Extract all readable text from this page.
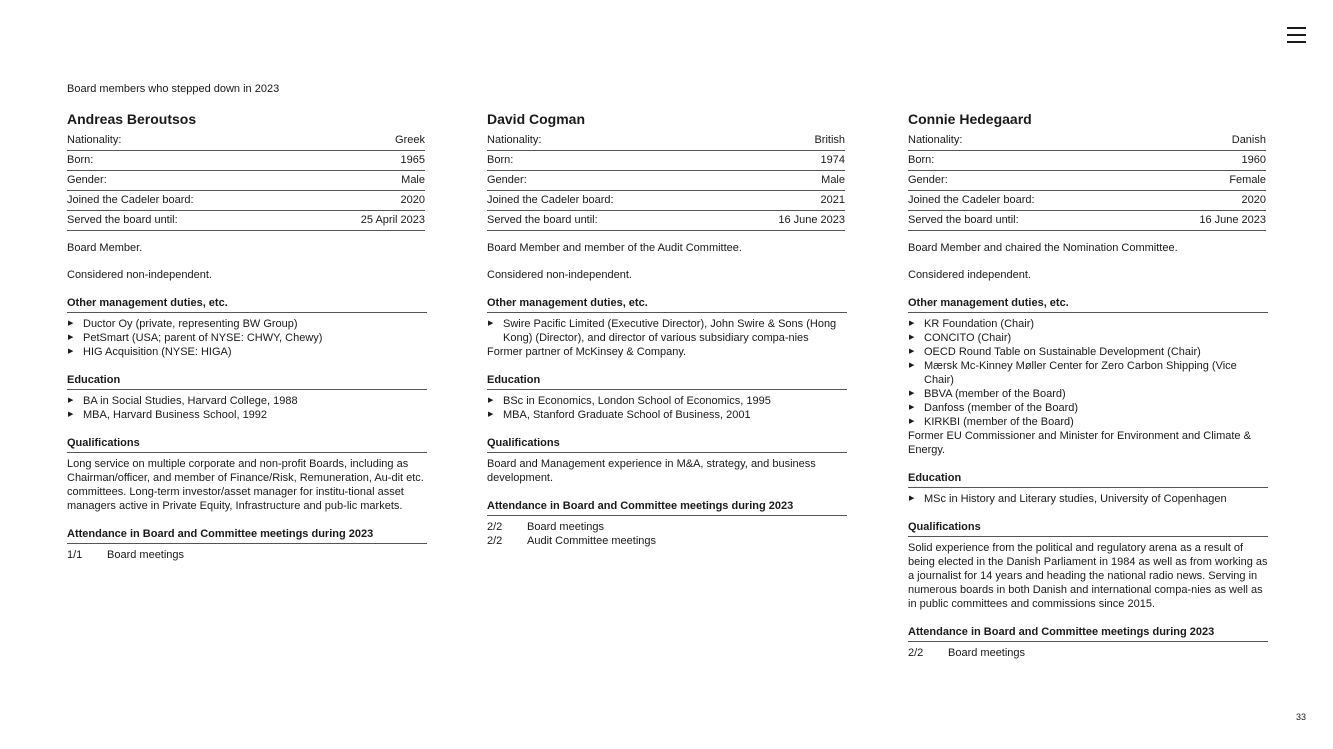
Board members who stepped down in 2023
Andreas Beroutsos
Nationality:	Greek
Born:	1965
Gender:	Male
Joined the Cadeler board:	2020
Served the board until:	25 April 2023

Board Member.

Considered non-independent.

Other management duties, etc.
▶ Ductor Oy (private, representing BW Group)
▶ PetSmart (USA; parent of NYSE: CHWY, Chewy)
▶ HIG Acquisition (NYSE: HIGA)
Education
▶ BA in Social Studies, Harvard College, 1988
▶ MBA, Harvard Business School, 1992
Qualifications
Long service on multiple corporate and non-profit Boards, including as Chairman/officer, and member of Finance/Risk, Remuneration, Au-dit etc. committees. Long-term investor/asset manager for institu-tional asset managers active in Private Equity, Infrastructure and pub-lic markets.
Attendance in Board and Committee meetings during 2023
1/1	Board meetings
David Cogman
Nationality:	British
Born:	1974
Gender:	Male
Joined the Cadeler board:	2021
Served the board until:	16 June 2023

Board Member and member of the Audit Committee.

Considered non-independent.

Other management duties, etc.
▶ Swire Pacific Limited (Executive Director), John Swire & Sons (Hong Kong) (Director), and director of various subsidiary compa-nies

Former partner of McKinsey & Company.

Education
▶ BSc in Economics, London School of Economics, 1995
▶ MBA, Stanford Graduate School of Business, 2001
Qualifications
Board and Management experience in M&A, strategy, and business development.
Attendance in Board and Committee meetings during 2023
2/2	Board meetings
2/2	Audit Committee meetings
Connie Hedegaard
Nationality:	Danish
Born:	1960
Gender:	Female
Joined the Cadeler board:	2020
Served the board until:	16 June 2023

Board Member and chaired the Nomination Committee.

Considered independent.

Other management duties, etc.
▶ KR Foundation (Chair)
▶ CONCITO (Chair)
▶ OECD Round Table on Sustainable Development (Chair)
▶ Mærsk Mc-Kinney Møller Center for Zero Carbon Shipping (Vice Chair)
▶ BBVA (member of the Board)
▶ Danfoss (member of the Board)
▶ KIRKBI (member of the Board)

Former EU Commissioner and Minister for Environment and Climate & Energy.

Education
▶ MSc in History and Literary studies, University of Copenhagen
Qualifications
Solid experience from the political and regulatory arena as a result of being elected in the Danish Parliament in 1984 as well as from working as a journalist for 14 years and heading the national radio news. Serving in numerous boards in both Danish and international compa-nies as well as in public committees and commissions since 2015.
Attendance in Board and Committee meetings during 2023
2/2	Board meetings
33
